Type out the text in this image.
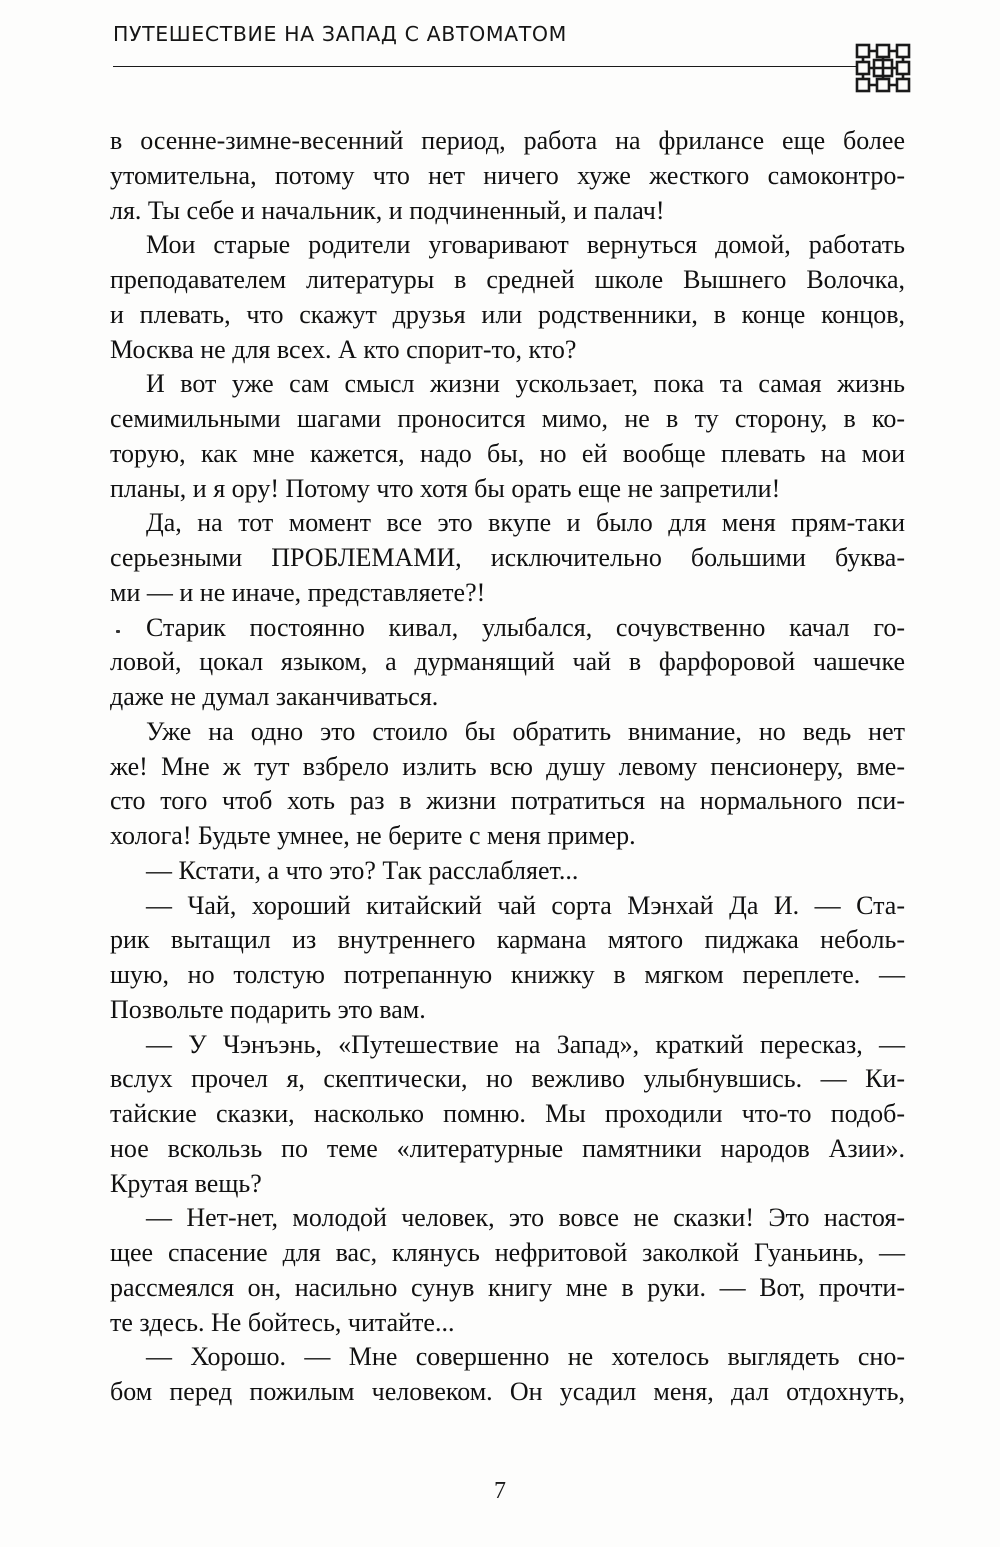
ПУТЕШЕСТВИЕ НА ЗАПАД С АВТОМАТОМ
в осенне-зимне-весенний период, работа на фрилансе еще более
утомительна, потому что нет ничего хуже жесткого самоконтро-
ля. Ты себе и начальник, и подчиненный, и палач!
Мои старые родители уговаривают вернуться домой, работать
преподавателем литературы в средней школе Вышнего Волочка,
и плевать, что скажут друзья или родственники, в конце концов,
Москва не для всех. А кто спорит-то, кто?
И вот уже сам смысл жизни ускользает, пока та самая жизнь
семимильными шагами проносится мимо, не в ту сторону, в ко-
торую, как мне кажется, надо бы, но ей вообще плевать на мои
планы, и я ору! Потому что хотя бы орать еще не запретили!
Да, на тот момент все это вкупе и было для меня прям-таки
серьезными ПРОБЛЕМАМИ, исключительно большими буква-
ми — и не иначе, представляете?!
Старик постоянно кивал, улыбался, сочувственно качал го-
ловой, цокал языком, а дурманящий чай в фарфоровой чашечке
даже не думал заканчиваться.
Уже на одно это стоило бы обратить внимание, но ведь нет
же! Мне ж тут взбрело излить всю душу левому пенсионеру, вме-
сто того чтоб хоть раз в жизни потратиться на нормального пси-
холога! Будьте умнее, не берите с меня пример.
— Кстати, а что это? Так расслабляет...
— Чай, хороший китайский чай сорта Мэнхай Да И. — Ста-
рик вытащил из внутреннего кармана мятого пиджака неболь-
шую, но толстую потрепанную книжку в мягком переплете. —
Позвольте подарить это вам.
— У Чэнъэнь, «Путешествие на Запад», краткий пересказ, —
вслух прочел я, скептически, но вежливо улыбнувшись. — Ки-
тайские сказки, насколько помню. Мы проходили что-то подоб-
ное вскользь по теме «литературные памятники народов Азии».
Крутая вещь?
— Нет-нет, молодой человек, это вовсе не сказки! Это настоя-
щее спасение для вас, клянусь нефритовой заколкой Гуаньинь, —
рассмеялся он, насильно сунув книгу мне в руки. — Вот, прочти-
те здесь. Не бойтесь, читайте...
— Хорошо. — Мне совершенно не хотелось выглядеть сно-
бом перед пожилым человеком. Он усадил меня, дал отдохнуть,
7
